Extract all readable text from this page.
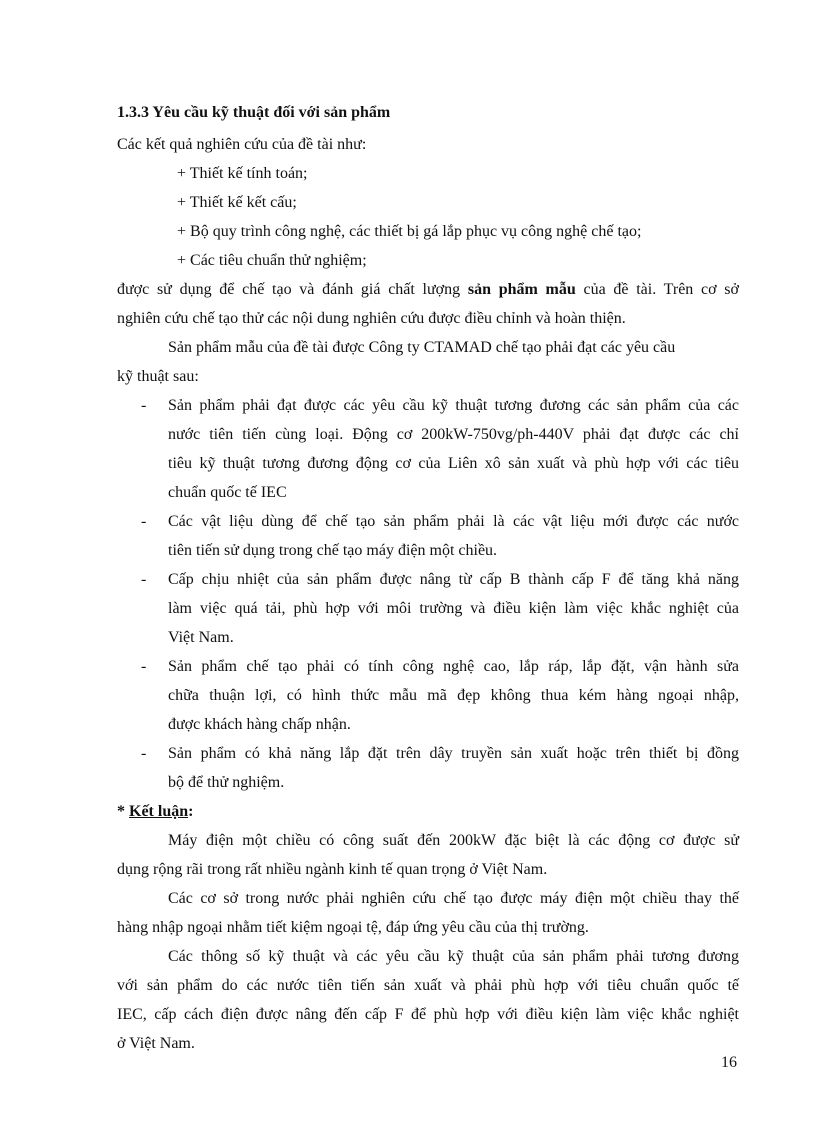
1.3.3 Yêu cầu kỹ thuật đối với sản phẩm
Các kết quả nghiên cứu của đề tài như:
+ Thiết kế tính toán;
+ Thiết kế kết cấu;
+ Bộ quy trình công nghệ, các thiết bị gá lắp phục vụ công nghệ chế tạo;
+ Các tiêu chuẩn thử nghiệm;
được sử dụng để chế tạo và đánh giá chất lượng sản phẩm mẫu của đề tài. Trên cơ sở
nghiên cứu chế tạo thử các nội dung nghiên cứu được điều chỉnh và hoàn thiện.
Sản phẩm mẫu của đề tài được Công ty CTAMAD chế tạo phải đạt các yêu cầu
kỹ thuật sau:
- Sản phẩm phải đạt được các yêu cầu kỹ thuật tương đương các sản phẩm của các
nước tiên tiến cùng loại. Động cơ 200kW-750vg/ph-440V phải đạt được các chỉ
tiêu kỹ thuật tương đương động cơ của Liên xô sản xuất và phù hợp với các tiêu
chuẩn quốc tế IEC
- Các vật liệu dùng để chế tạo sản phẩm phải là các vật liệu mới được các nước
tiên tiến sử dụng trong chế tạo máy điện một chiều.
- Cấp chịu nhiệt của sản phẩm được nâng từ cấp B thành cấp F để tăng khả năng
làm việc quá tải, phù hợp với môi trường và điều kiện làm việc khắc nghiệt của
Việt Nam.
- Sản phẩm chế tạo phải có tính công nghệ cao, lắp ráp, lắp đặt, vận hành sửa
chữa thuận lợi, có hình thức mẫu mã đẹp không thua kém hàng ngoại nhập,
được khách hàng chấp nhận.
- Sản phẩm có khả năng lắp đặt trên dây truyền sản xuất hoặc trên thiết bị đồng
bộ để thử nghiệm.
* Kết luận:
Máy điện một chiều có công suất đến 200kW đặc biệt là các động cơ được sử
dụng rộng rãi trong rất nhiều ngành kinh tế quan trọng ở Việt Nam.
Các cơ sở trong nước phải nghiên cứu chế tạo được máy điện một chiều thay thế
hàng nhập ngoại nhằm tiết kiệm ngoại tệ, đáp ứng yêu cầu của thị trường.
Các thông số kỹ thuật và các yêu cầu kỹ thuật của sản phẩm phải tương đương
với sản phẩm do các nước tiên tiến sản xuất và phải phù hợp với tiêu chuẩn quốc tế
IEC, cấp cách điện được nâng đến cấp F để phù hợp với điều kiện làm việc khắc nghiệt
ở Việt Nam.
16
